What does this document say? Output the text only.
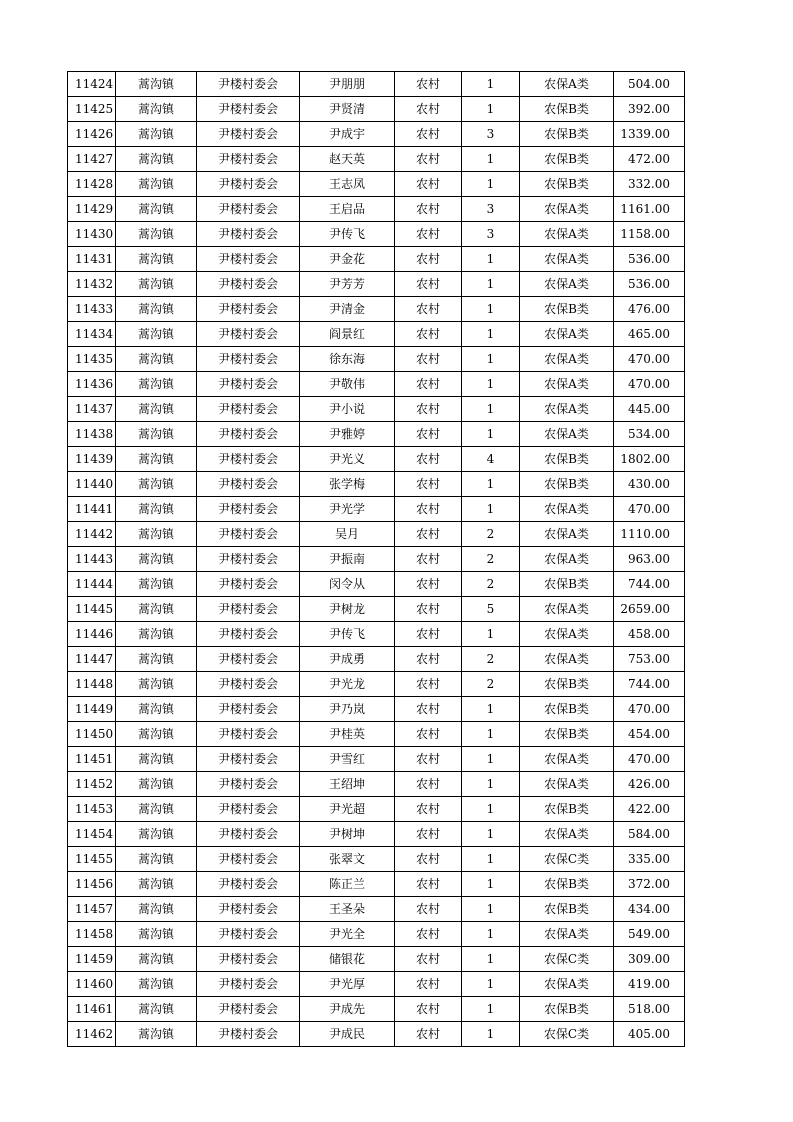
11424	蒿沟镇	尹楼村委会	尹朋朋	农村	1	农保A类	504.00
11425	蒿沟镇	尹楼村委会	尹贤清	农村	1	农保B类	392.00
11426	蒿沟镇	尹楼村委会	尹成宇	农村	3	农保B类	1339.00
11427	蒿沟镇	尹楼村委会	赵天英	农村	1	农保B类	472.00
11428	蒿沟镇	尹楼村委会	王志凤	农村	1	农保B类	332.00
11429	蒿沟镇	尹楼村委会	王启品	农村	3	农保A类	1161.00
11430	蒿沟镇	尹楼村委会	尹传飞	农村	3	农保A类	1158.00
11431	蒿沟镇	尹楼村委会	尹金花	农村	1	农保A类	536.00
11432	蒿沟镇	尹楼村委会	尹芳芳	农村	1	农保A类	536.00
11433	蒿沟镇	尹楼村委会	尹清金	农村	1	农保B类	476.00
11434	蒿沟镇	尹楼村委会	阎景红	农村	1	农保A类	465.00
11435	蒿沟镇	尹楼村委会	徐东海	农村	1	农保A类	470.00
11436	蒿沟镇	尹楼村委会	尹敬伟	农村	1	农保A类	470.00
11437	蒿沟镇	尹楼村委会	尹小说	农村	1	农保A类	445.00
11438	蒿沟镇	尹楼村委会	尹雅婷	农村	1	农保A类	534.00
11439	蒿沟镇	尹楼村委会	尹光义	农村	4	农保B类	1802.00
11440	蒿沟镇	尹楼村委会	张学梅	农村	1	农保B类	430.00
11441	蒿沟镇	尹楼村委会	尹光学	农村	1	农保A类	470.00
11442	蒿沟镇	尹楼村委会	吴月	农村	2	农保A类	1110.00
11443	蒿沟镇	尹楼村委会	尹振南	农村	2	农保A类	963.00
11444	蒿沟镇	尹楼村委会	闵令从	农村	2	农保B类	744.00
11445	蒿沟镇	尹楼村委会	尹树龙	农村	5	农保A类	2659.00
11446	蒿沟镇	尹楼村委会	尹传飞	农村	1	农保A类	458.00
11447	蒿沟镇	尹楼村委会	尹成勇	农村	2	农保A类	753.00
11448	蒿沟镇	尹楼村委会	尹光龙	农村	2	农保B类	744.00
11449	蒿沟镇	尹楼村委会	尹乃岚	农村	1	农保B类	470.00
11450	蒿沟镇	尹楼村委会	尹桂英	农村	1	农保B类	454.00
11451	蒿沟镇	尹楼村委会	尹雪红	农村	1	农保A类	470.00
11452	蒿沟镇	尹楼村委会	王绍坤	农村	1	农保A类	426.00
11453	蒿沟镇	尹楼村委会	尹光超	农村	1	农保B类	422.00
11454	蒿沟镇	尹楼村委会	尹树坤	农村	1	农保A类	584.00
11455	蒿沟镇	尹楼村委会	张翠文	农村	1	农保C类	335.00
11456	蒿沟镇	尹楼村委会	陈正兰	农村	1	农保B类	372.00
11457	蒿沟镇	尹楼村委会	王圣朵	农村	1	农保B类	434.00
11458	蒿沟镇	尹楼村委会	尹光全	农村	1	农保A类	549.00
11459	蒿沟镇	尹楼村委会	储银花	农村	1	农保C类	309.00
11460	蒿沟镇	尹楼村委会	尹光厚	农村	1	农保A类	419.00
11461	蒿沟镇	尹楼村委会	尹成先	农村	1	农保B类	518.00
11462	蒿沟镇	尹楼村委会	尹成民	农村	1	农保C类	405.00
